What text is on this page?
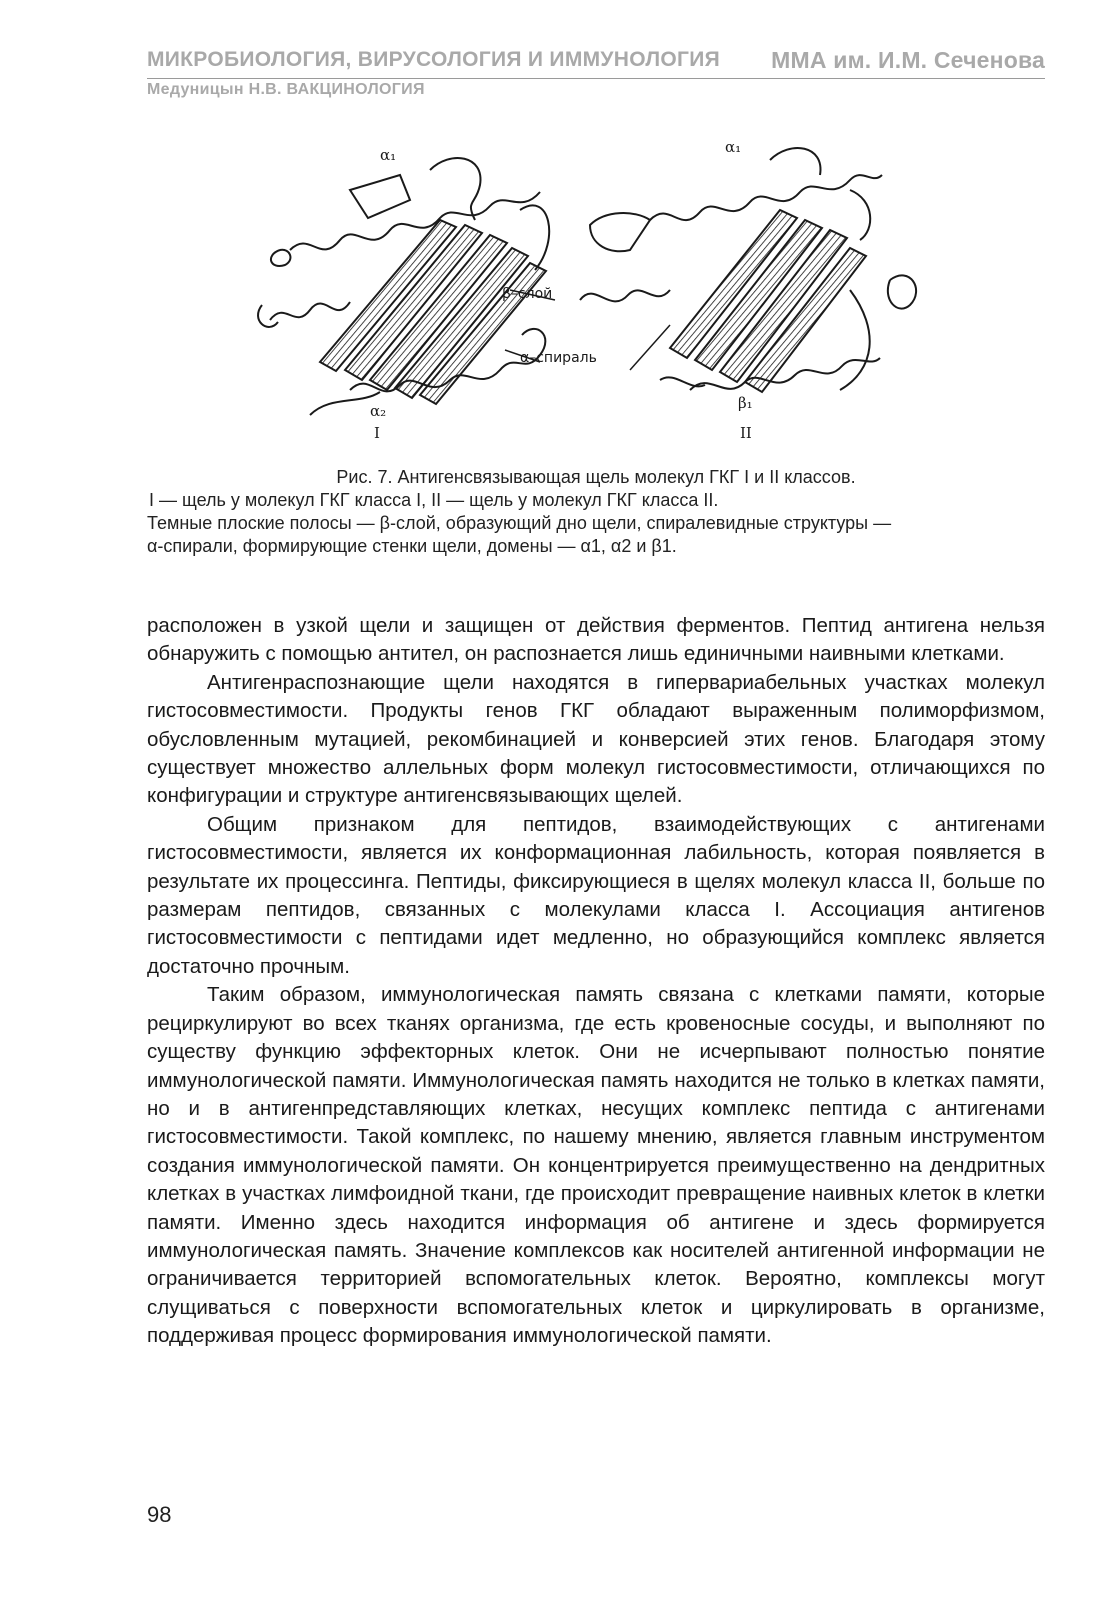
МИКРОБИОЛОГИЯ, ВИРУСОЛОГИЯ И ИММУНОЛОГИЯ ММА им. И.М. Сеченова
Медуницын Н.В. ВАКЦИНОЛОГИЯ
α₁
α₂
I
α₁
β₁
II
β–слой
α–спираль
Рис. 7. Антигенсвязывающая щель молекул ГКГ I и II классов.
I — щель у молекул ГКГ класса I, II — щель у молекул ГКГ класса II.
Темные плоские полосы — β-слой, образующий дно щели, спиралевидные структуры —
α-спирали, формирующие стенки щели, домены — α1, α2 и β1.

расположен в узкой щели и защищен от действия ферментов. Пептид антигена нельзя обнаружить с помощью антител, он распознается лишь единичными наивными клетками.

Антигенраспознающие щели находятся в гипервариабельных участках молекул гистосовместимости. Продукты генов ГКГ обладают выраженным полиморфизмом, обусловленным мутацией, рекомбинацией и конверсией этих генов. Благодаря этому существует множество аллельных форм молекул гистосовместимости, отличающихся по конфигурации и структуре антигенсвязывающих щелей.

Общим признаком для пептидов, взаимодействующих с антигенами гистосовместимости, является их конформационная лабильность, которая появляется в результате их процессинга. Пептиды, фиксирующиеся в щелях молекул класса II, больше по размерам пептидов, связанных с молекулами класса I. Ассоциация антигенов гистосовместимости с пептидами идет медленно, но образующийся комплекс является достаточно прочным.

Таким образом, иммунологическая память связана с клетками памяти, которые рециркулируют во всех тканях организма, где есть кровеносные сосуды, и выполняют по существу функцию эффекторных клеток. Они не исчерпывают полностью понятие иммунологической памяти. Иммунологическая память находится не только в клетках памяти, но и в антигенпредставляющих клетках, несущих комплекс пептида с антигенами гистосовместимости. Такой комплекс, по нашему мнению, является главным инструментом создания иммунологической памяти. Он концентрируется преимущественно на дендритных клетках в участках лимфоидной ткани, где происходит превращение наивных клеток в клетки памяти. Именно здесь находится информация об антигене и здесь формируется иммунологическая память. Значение комплексов как носителей антигенной информации не ограничивается территорией вспомогательных клеток. Вероятно, комплексы могут слущиваться с поверхности вспомогательных клеток и циркулировать в организме, поддерживая процесс формирования иммунологической памяти.

98
